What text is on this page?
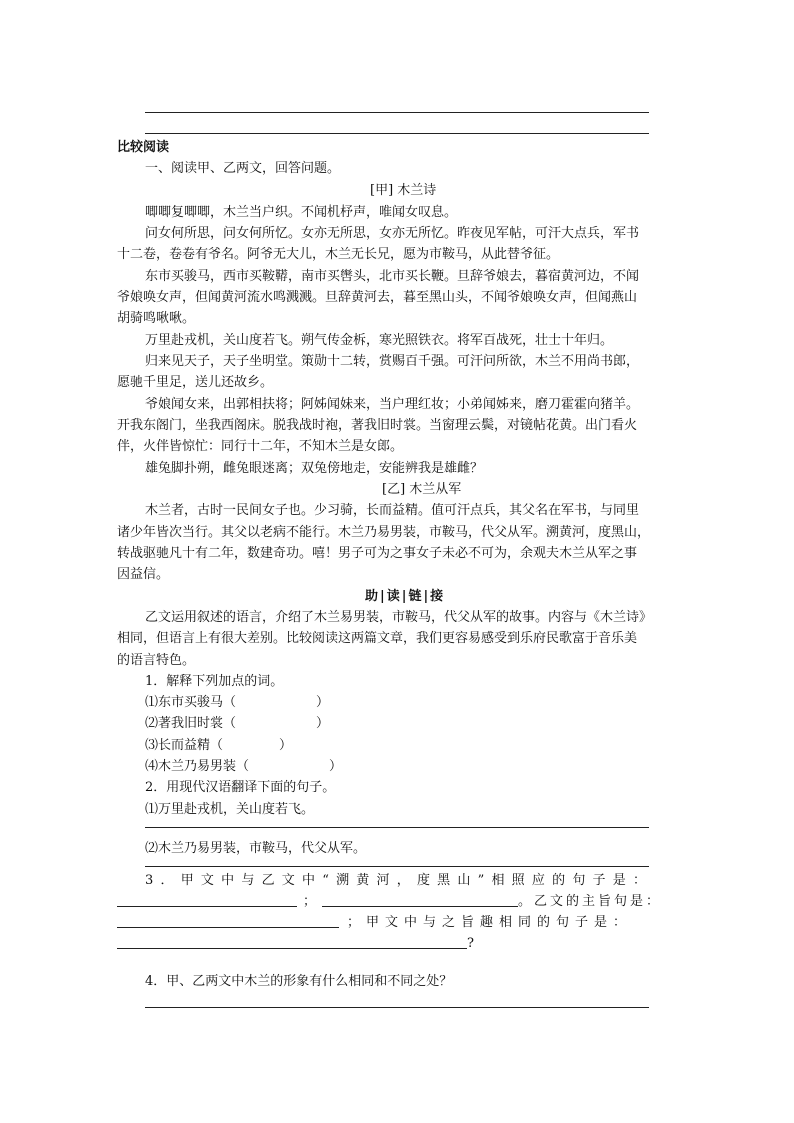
比较阅读
一、阅读甲、乙两文，回答问题。
[甲] 木兰诗
唧唧复唧唧，木兰当户织。不闻机杼声，唯闻女叹息。
问女何所思，问女何所忆。女亦无所思，女亦无所忆。昨夜见军帖，可汗大点兵，军书
十二卷，卷卷有爷名。阿爷无大儿，木兰无长兄，愿为市鞍马，从此替爷征。
东市买骏马，西市买鞍鞯，南市买辔头，北市买长鞭。旦辞爷娘去，暮宿黄河边，不闻
爷娘唤女声，但闻黄河流水鸣溅溅。旦辞黄河去，暮至黑山头，不闻爷娘唤女声，但闻燕山
胡骑鸣啾啾。
万里赴戎机，关山度若飞。朔气传金柝，寒光照铁衣。将军百战死，壮士十年归。
归来见天子，天子坐明堂。策勋十二转，赏赐百千强。可汗问所欲，木兰不用尚书郎，
愿驰千里足，送儿还故乡。
爷娘闻女来，出郭相扶将；阿姊闻妹来，当户理红妆；小弟闻姊来，磨刀霍霍向猪羊。
开我东阁门，坐我西阁床。脱我战时袍，著我旧时裳。当窗理云鬓，对镜帖花黄。出门看火
伴，火伴皆惊忙：同行十二年，不知木兰是女郎。
雄兔脚扑朔，雌兔眼迷离；双兔傍地走，安能辨我是雄雌？
[乙] 木兰从军
木兰者，古时一民间女子也。少习骑，长而益精。值可汗点兵，其父名在军书，与同里
诸少年皆次当行。其父以老病不能行。木兰乃易男装，市鞍马，代父从军。溯黄河，度黑山，
转战驱驰凡十有二年，数建奇功。嘻！男子可为之事女子未必不可为，余观夫木兰从军之事
因益信。
助|读|链|接
乙文运用叙述的语言，介绍了木兰易男装，市鞍马，代父从军的故事。内容与《木兰诗》
相同，但语言上有很大差别。比较阅读这两篇文章，我们更容易感受到乐府民歌富于音乐美
的语言特色。
1．解释下列加点的词。
⑴东市买骏马（	）
⑵著我旧时裳（	）
⑶长而益精（	）
⑷木兰乃易男装（	）
2．用现代汉语翻译下面的句子。
⑴万里赴戎机，关山度若飞。
⑵木兰乃易男装，市鞍马，代父从军。
3．甲文中与乙文中“溯黄河，度黑山”相照应的句子是：
；	。乙文的主旨句是：
；甲文中与之旨趣相同的句子是：
?
4．甲、乙两文中木兰的形象有什么相同和不同之处？
